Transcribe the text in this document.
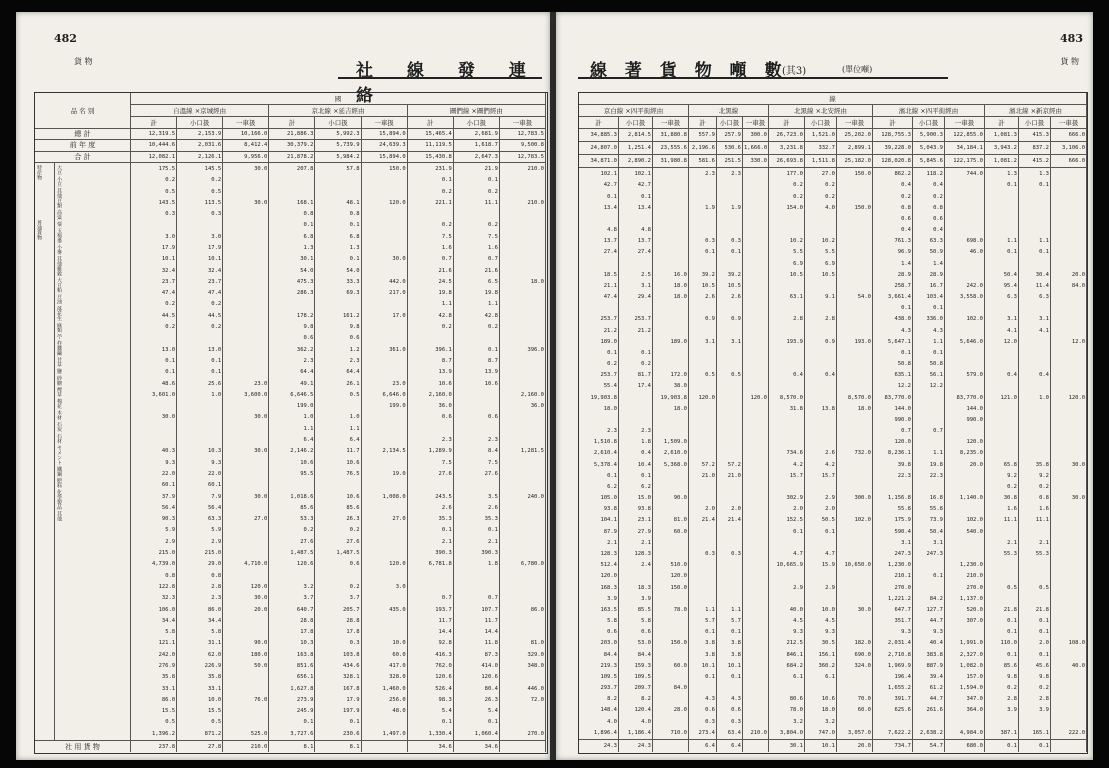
482
貨 物	社 線 發 連 絡
品 名 別		國								
		自溫線 ×京城經由			京北線 ×延吉經由			圖們線 ×圖們經由		
		計	小口扱	一車扱	計	小口扱	一車扱	計	小口扱	一車扱
總 計		12,319.5	2,153.9	10,166.0	21,886.3	5,992.3	15,894.0	15,465.4	2,681.9	12,783.5
前 年 度		10,444.6	2,031.6	8,412.4	30,379.2	5,739.9	24,639.3	11,119.5	1,618.7	9,500.8
合 計		12,082.1	2,126.1	9,956.0	21,878.2	5,984.2	15,894.0	15,430.8	2,647.3	12,783.5

特産物　　　　　　　　普通貨物	大豆 小豆 其他豆類 高粱 粟 玉蜀黍 小麥 其他雑穀 大豆粕 豆油 落花生 麻類 苧 柞蠶繭 甘草 鹽 砂糖 煙草 棉花 木材 石炭 石材 セメント 鐵鋼 肥料 化學製品 其他	175.5	145.5	30.0	207.8	57.8	150.0	231.9	21.9	210.0
		0.2	0.2					0.1	0.1	
		0.5	0.5					0.2	0.2	
		143.5	113.5	30.0	168.1	48.1	120.0	221.1	11.1	210.0
		0.3	0.3		0.8	0.8				
					0.1	0.1		0.2	0.2	
		3.0	3.0		6.8	6.8		7.5	7.5	
		17.9	17.9		1.3	1.3		1.6	1.6	
		10.1	10.1		30.1	0.1	30.0	0.7	0.7	
		32.4	32.4		54.0	54.0		21.6	21.6	
		23.7	23.7		475.3	33.3	442.0	24.5	6.5	18.0
		47.4	47.4		286.3	69.3	217.0	19.8	19.8	
		0.2	0.2					1.1	1.1	
		44.5	44.5		178.2	161.2	17.0	42.8	42.8	
		0.2	0.2		9.8	9.8		0.2	0.2	
					0.6	0.6				
		13.0	13.0		362.2	1.2	361.0	396.1	0.1	396.0
		0.1	0.1		2.3	2.3		8.7	8.7	
		0.1	0.1		64.4	64.4		13.9	13.9	
		48.6	25.6	23.0	49.1	26.1	23.0	10.6	10.6	
		3,601.0	1.0	3,600.0	6,646.5	0.5	6,646.0	2,160.0		2,160.0
					199.0		199.0	36.0		36.0
		30.0		30.0	1.0	1.0		0.6	0.6	
					1.1	1.1				
					6.4	6.4		2.3	2.3	
		40.3	10.3	30.0	2,146.2	11.7	2,134.5	1,289.9	8.4	1,281.5
		9.3	9.3		10.6	10.6		7.5	7.5	
		22.0	22.0		95.5	76.5	19.0	27.6	27.6	
		60.1	60.1							
		37.9	7.9	30.0	1,018.6	10.6	1,008.0	243.5	3.5	240.0
		56.4	56.4		85.6	85.6		2.6	2.6	
		90.3	63.3	27.0	53.3	26.3	27.0	35.3	35.3	
		5.9	5.9		0.2	0.2		0.1	0.1	
		2.9	2.9		27.6	27.6		2.1	2.1	
		215.0	215.0		1,487.5	1,487.5		390.3	390.3	
		4,739.0	29.0	4,710.0	120.6	0.6	120.0	6,781.8	1.8	6,780.0
		0.8	0.8							
		122.8	2.8	120.0	3.2	0.2	3.0			
		32.3	2.3	30.0	3.7	3.7		0.7	0.7	
		106.0	86.0	20.0	640.7	205.7	435.0	193.7	107.7	86.0
		34.4	34.4		28.8	28.8		11.7	11.7	
		5.8	5.8		17.8	17.8		14.4	14.4	
		121.1	31.1	90.0	10.3	0.3	10.0	92.8	11.8	81.0
		242.0	62.0	180.0	163.8	103.8	60.0	416.3	87.3	329.0
		276.9	226.9	50.0	851.6	434.6	417.0	762.0	414.0	348.0
		35.8	35.8		656.1	328.1	328.0	120.6	120.6	
		33.1	33.1		1,627.8	167.8	1,460.0	526.4	80.4	446.0
		86.0	10.0	76.0	273.9	17.9	256.0	98.3	26.3	72.0
		15.5	15.5		245.9	197.9	48.0	5.4	5.4	
		0.5	0.5		0.1	0.1		0.1	0.1	
		1,396.2	871.2	525.0	3,727.6	230.6	1,497.0	1,330.4	1,060.4	270.0
社 用 貨 物		237.8	27.8	210.0	8.1	8.1		34.6	34.6	
483
貨 物
線 著 貨 物 噸 數
(其3)	(單位噸)
線														
京白線 ×四平街經由			北黑線			北黑線 ×北安經由			濱北線 ×四平街經由			濱北線 ×新京經由		
計	小口扱	一車扱	計	小口扱	一車扱	計	小口扱	一車扱	計	小口扱	一車扱	計	小口扱	一車扱
34,885.3	2,814.5	31,880.8	557.9	257.9	300.0	26,723.0	1,521.0	25,202.0	128,755.3	5,900.3	122,855.0	1,081.3	415.3	666.0
24,807.0	1,251.4	23,555.6	2,196.6	530.6	1,666.0	3,231.8	332.7	2,899.1	39,228.0	5,043.9	34,184.1	3,943.2	837.2	3,106.0
34,871.0	2,890.2	31,980.8	581.6	251.5	330.0	26,693.8	1,511.8	25,182.0	128,020.8	5,845.6	122,175.0	1,081.2	415.2	666.0
102.1	102.1		2.3	2.3		177.0	27.0	150.0	862.2	118.2	744.0	1.3	1.3	
42.7	42.7					0.2	0.2		0.4	0.4		0.1	0.1	
0.1	0.1					0.2	0.2		0.2	0.2				
13.4	13.4		1.9	1.9		154.0	4.0	150.0	0.8	0.8				
									0.6	0.6				
4.8	4.8								0.4	0.4				
13.7	13.7		0.3	0.3		10.2	10.2		761.3	63.3	698.0	1.1	1.1	
27.4	27.4		0.1	0.1		5.5	5.5		96.9	50.9	46.0	0.1	0.1	
						6.9	6.9		1.4	1.4				
18.5	2.5	16.0	39.2	39.2		10.5	10.5		28.9	28.9		50.4	30.4	20.0
21.1	3.1	18.0	10.5	10.5					258.7	16.7	242.0	95.4	11.4	84.0
47.4	29.4	18.0	2.6	2.6		63.1	9.1	54.0	3,661.4	103.4	3,558.0	6.3	6.3	
									0.1	0.1				
253.7	253.7		0.9	0.9		2.8	2.8		438.0	336.0	102.0	3.1	3.1	
21.2	21.2								4.3	4.3		4.1	4.1	
189.0		189.0	3.1	3.1		193.9	0.9	193.0	5,647.1	1.1	5,646.0	12.0		12.0
0.1	0.1								0.1	0.1				
0.2	0.2								50.8	50.8				
253.7	81.7	172.0	0.5	0.5		0.4	0.4		635.1	56.1	579.0	0.4	0.4	
55.4	17.4	38.0							12.2	12.2				
19,903.8		19,903.8	120.0		120.0	8,570.0		8,570.0	83,770.0		83,770.0	121.0	1.0	120.0
18.0		18.0				31.8	13.8	18.0	144.0		144.0			
									990.0		990.0			
2.3	2.3								0.7	0.7				
1,510.8	1.8	1,509.0							120.0		120.0			
2,610.4	0.4	2,610.0				734.6	2.6	732.0	8,236.1	1.1	8,235.0			
5,378.4	10.4	5,368.0	57.2	57.2		4.2	4.2		39.8	19.8	20.0	65.8	35.8	30.0
0.1	0.1		21.0	21.0		15.7	15.7		22.3	22.3		9.2	9.2	
6.2	6.2											0.2	0.2	
105.0	15.0	90.0				302.9	2.9	300.0	1,156.8	16.8	1,140.0	30.8	0.8	30.0
93.8	93.8		2.0	2.0		2.0	2.0		55.8	55.8		1.6	1.6	
104.1	23.1	81.0	21.4	21.4		152.5	50.5	102.0	175.9	73.9	102.0	11.1	11.1	
87.9	27.9	60.0				0.1	0.1		590.4	50.4	540.0			
2.1	2.1								3.1	3.1		2.1	2.1	
128.3	128.3		0.3	0.3		4.7	4.7		247.3	247.3		55.3	55.3	
512.4	2.4	510.0				10,665.9	15.9	10,650.0	1,230.0		1,230.0			
120.0		120.0							210.1	0.1	210.0			
168.3	18.3	150.0				2.9	2.9		270.0		270.0	0.5	0.5	
3.9	3.9								1,221.2	84.2	1,137.0			
163.5	85.5	78.0	1.1	1.1		40.0	10.0	30.0	647.7	127.7	520.0	21.8	21.8	
5.8	5.8		5.7	5.7		4.5	4.5		351.7	44.7	307.0	0.1	0.1	
0.6	0.6		0.1	0.1		9.3	9.3		9.3	9.3		0.1	0.1	
203.0	53.0	150.0	3.8	3.8		212.5	30.5	182.0	2,031.4	40.4	1,991.0	110.0	2.0	108.0
84.4	84.4		3.8	3.8		846.1	156.1	690.0	2,710.8	383.8	2,327.0	0.1	0.1	
219.3	159.3	60.0	10.1	10.1		684.2	360.2	324.0	1,969.9	887.9	1,082.0	85.6	45.6	40.0
109.5	109.5		0.1	0.1		6.1	6.1		196.4	39.4	157.0	9.8	9.8	
293.7	209.7	84.0							1,655.2	61.2	1,594.0	0.2	0.2	
8.2	8.2		4.3	4.3		80.6	10.6	70.0	391.7	44.7	347.0	2.8	2.8	
148.4	120.4	28.0	0.6	0.6		78.0	18.0	60.0	625.6	261.6	364.0	3.9	3.9	
4.0	4.0		0.3	0.3		3.2	3.2							
1,896.4	1,186.4	710.0	273.4	63.4	210.0	3,804.0	747.0	3,057.0	7,622.2	2,638.2	4,984.0	387.1	165.1	222.0
24.3	24.3		6.4	6.4		30.1	10.1	20.0	734.7	54.7	680.0	0.1	0.1	
